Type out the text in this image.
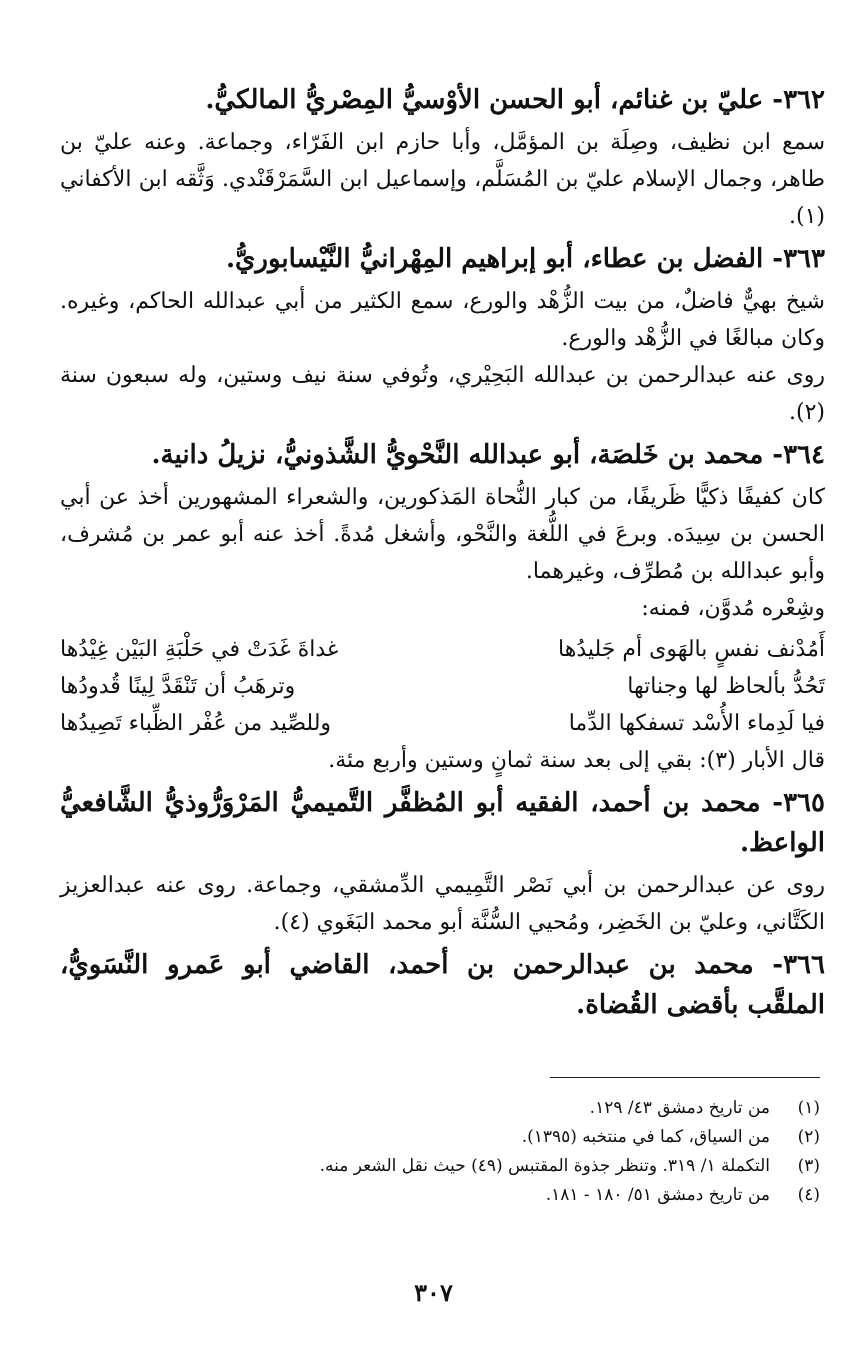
٣٦٢- عليّ بن غنائم، أبو الحسن الأوْسيُّ المِصْريُّ المالكيُّ.
سمع ابن نظيف، وصِلَة بن المؤمَّل، وأبا حازم ابن الفَرّاء، وجماعة. وعنه عليّ بن طاهر، وجمال الإسلام عليّ بن المُسَلَّم، وإسماعيل ابن السَّمَرْقَنْدي. وَثَّقه ابن الأكفاني (١).
٣٦٣- الفضل بن عطاء، أبو إبراهيم المِهْرانيُّ النَّيْسابوريُّ.
شيخ بهيٌّ فاضلٌ، من بيت الزُّهْد والورع، سمع الكثير من أبي عبدالله الحاكم، وغيره. وكان مبالغًا في الزُّهْد والورع.
روى عنه عبدالرحمن بن عبدالله البَحِيْري، وتُوفي سنة نيف وستين، وله سبعون سنة (٢).
٣٦٤- محمد بن خَلصَة، أبو عبدالله النَّحْويُّ الشَّذونيُّ، نزيلُ دانية.
كان كفيفًا ذكيًّا ظَريفًا، من كبار النُّحاة المَذكورين، والشعراء المشهورين أخذ عن أبي الحسن بن سِيدَه. وبرعَ في اللُّغة والنَّحْو، وأشغل مُدةً. أخذ عنه أبو عمر بن مُشرف، وأبو عبدالله بن مُطرِّف، وغيرهما.
وشِعْره مُدوَّن، فمنه:
أَمُدْنف نفسٍ بالهَوى أم جَليدُها
غداةَ غَدَتْ في حَلْبَةِ البَيْن غِيْدُها
تَحُدُّ بألحاظ لها وجناتها
وترهَبُ أن تَنْقَدَّ لِينًا قُدودُها
فيا لَدِماء الأُسْد تسفكها الدِّما
وللصِّيد من عُفْر الظِّباء تَصِيدُها
قال الأبار (٣): بقي إلى بعد سنة ثمانٍ وستين وأربع مئة.
٣٦٥- محمد بن أحمد، الفقيه أبو المُظفَّر التَّميميُّ المَرْوَرُّوذيُّ الشَّافعيُّ الواعظ.
روى عن عبدالرحمن بن أبي نَصْر التَّمِيمي الدِّمشقي، وجماعة. روى عنه عبدالعزيز الكَتَّاني، وعليّ بن الخَضِر، ومُحيي السُّنَّة أبو محمد البَغَوي (٤).
٣٦٦- محمد بن عبدالرحمن بن أحمد، القاضي أبو عَمرو النَّسَويُّ، الملقَّب بأقضى القُضاة.
(١)
من تاريخ دمشق ٤٣/ ١٢٩.
(٢)
من السياق، كما في منتخبه (١٣٩٥).
(٣)
التكملة ١/ ٣١٩. وتنظر جذوة المقتبس (٤٩) حيث نقل الشعر منه.
(٤)
من تاريخ دمشق ٥١/ ١٨٠ - ١٨١.
٣٠٧
